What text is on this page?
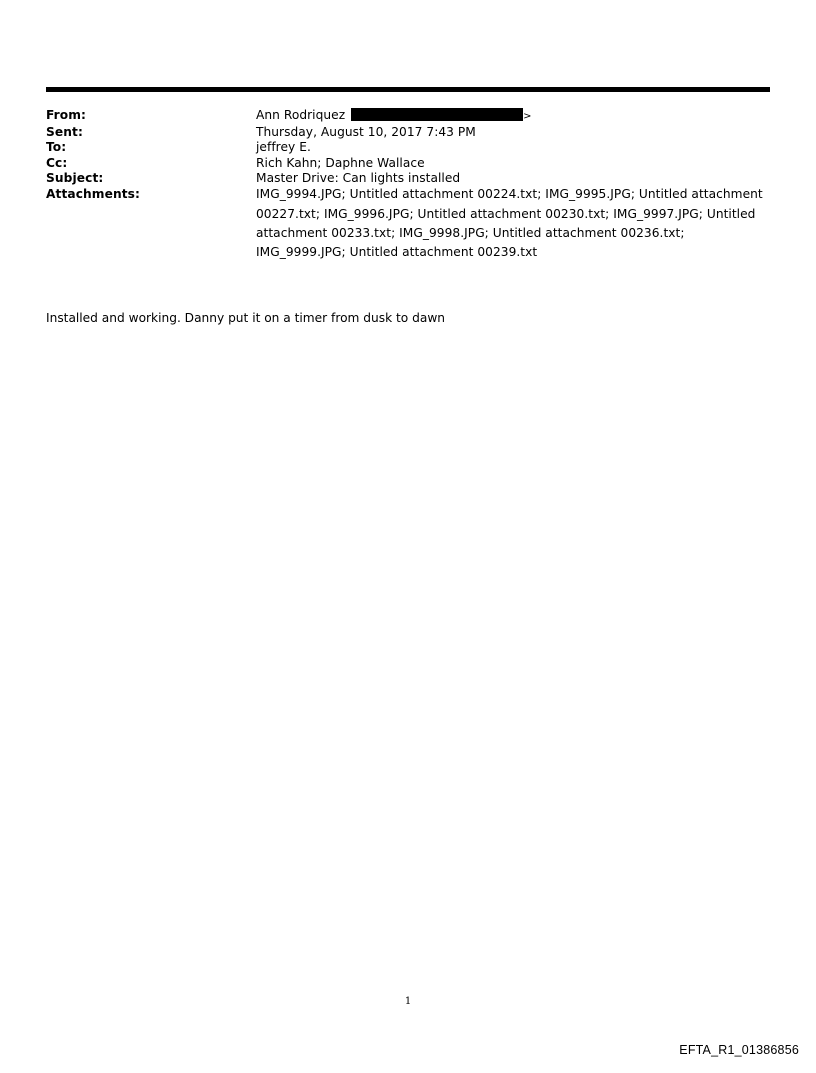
From:	Ann Rodriquez	>
Sent:	Thursday, August 10, 2017 7:43 PM
To:	jeffrey E.
Cc:	Rich Kahn; Daphne Wallace
Subject:	Master Drive: Can lights installed
Attachments:	IMG_9994.JPG; Untitled attachment 00224.txt; IMG_9995.JPG; Untitled attachment 00227.txt; IMG_9996.JPG; Untitled attachment 00230.txt; IMG_9997.JPG; Untitled attachment 00233.txt; IMG_9998.JPG; Untitled attachment 00236.txt; IMG_9999.JPG; Untitled attachment 00239.txt
Installed and working. Danny put it on a timer from dusk to dawn
1
EFTA_R1_01386856
